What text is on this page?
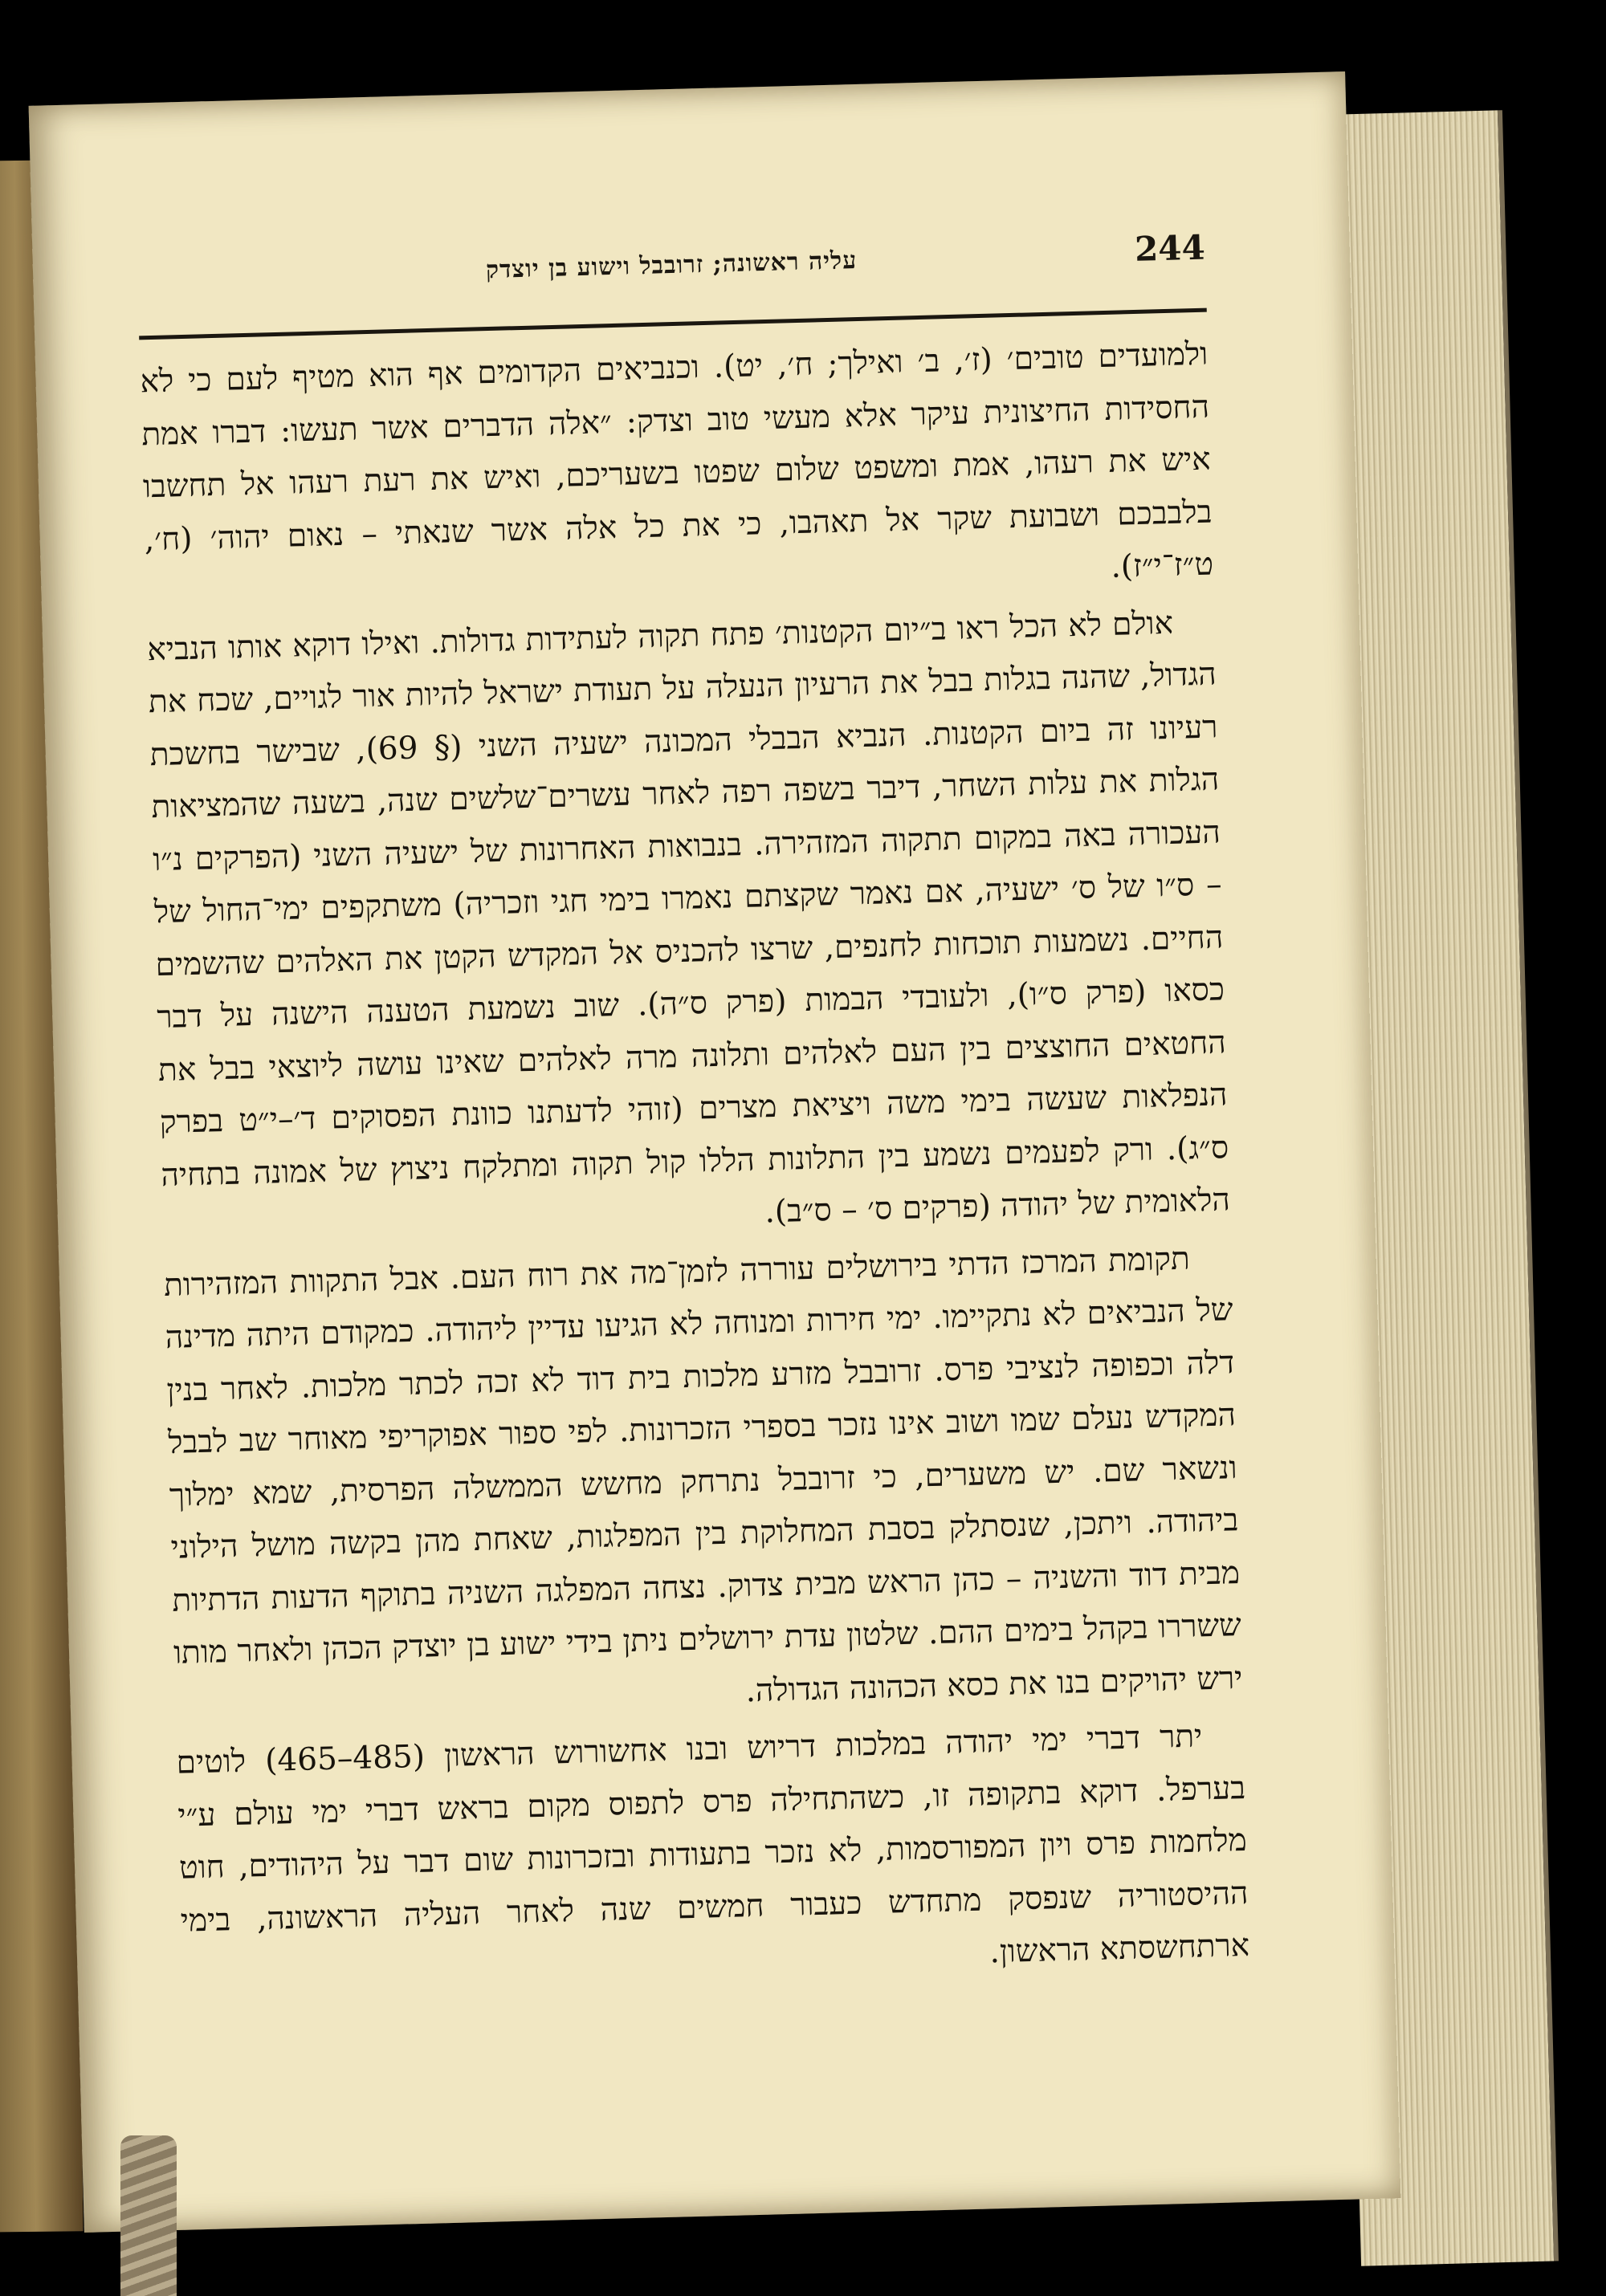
244
עליה ראשונה; זרובבל וישוע בן יוצדק

ולמועדים טובים׳ (ז׳, ב׳ ואילך; ח׳, יט). וכנביאים הקדומים אף הוא מטיף לעם כי לא החסידות החיצונית עיקר אלא מעשי טוב וצדק: ״אלה הדברים אשר תעשו: דברו אמת איש את רעהו, אמת ומשפט שלום שפטו בשעריכם, ואיש את רעת רעהו אל תחשבו בלבבכם ושבועת שקר אל תאהבו, כי את כל אלה אשר שנאתי – נאום יהוה׳ (ח׳, ט״ז־י״ז).

אולם לא הכל ראו ב״יום הקטנות׳ פתח תקוה לעתידות גדולות. ואילו דוקא אותו הנביא הגדול, שהנה בגלות בבל את הרעיון הנעלה על תעודת ישראל להיות אור לגויים, שכח את רעיונו זה ביום הקטנות. הנביא הבבלי המכונה ישעיה השני (§ 69), שבישר בחשכת הגלות את עלות השחר, דיבר בשפה רפה לאחר עשרים־שלשים שנה, בשעה שהמציאות העכורה באה במקום תתקוה המזהירה. בנבואות האחרונות של ישעיה השני (הפרקים נ״ו – ס״ו של ס׳ ישעיה, אם נאמר שקצתם נאמרו בימי חגי וזכריה) משתקפים ימי־החול של החיים. נשמעות תוכחות לחנפים, שרצו להכניס אל המקדש הקטן את האלהים שהשמים כסאו (פרק ס״ו), ולעובדי הבמות (פרק ס״ה). שוב נשמעת הטענה הישנה על דבר החטאים החוצצים בין העם לאלהים ותלונה מרה לאלהים שאינו עושה ליוצאי בבל את הנפלאות שעשה בימי משה ויציאת מצרים (זוהי לדעתנו כוונת הפסוקים ד׳–י״ט בפרק ס״ג). ורק לפעמים נשמע בין התלונות הללו קול תקוה ומתלקח ניצוץ של אמונה בתחיה הלאומית של יהודה (פרקים ס׳ – ס״ב).

תקומת המרכז הדתי בירושלים עוררה לזמן־מה את רוח העם. אבל התקוות המזהירות של הנביאים לא נתקיימו. ימי חירות ומנוחה לא הגיעו עדיין ליהודה. כמקודם היתה מדינה דלה וכפופה לנציבי פרס. זרובבל מזרע מלכות בית דוד לא זכה לכתר מלכות. לאחר בנין המקדש נעלם שמו ושוב אינו נזכר בספרי הזכרונות. לפי ספור אפוקריפי מאוחר שב לבבל ונשאר שם. יש משערים, כי זרובבל נתרחק מחשש הממשלה הפרסית, שמא ימלוך ביהודה. ויתכן, שנסתלק בסבת המחלוקת בין המפלגות, שאחת מהן בקשה מושל הילוני מבית דוד והשניה – כהן הראש מבית צדוק. נצחה המפלגה השניה בתוקף הדעות הדתיות ששררו בקהל בימים ההם. שלטון עדת ירושלים ניתן בידי ישוע בן יוצדק הכהן ולאחר מותו ירש יהויקים בנו את כסא הכהונה הגדולה.

יתר דברי ימי יהודה במלכות דריוש ובנו אחשורוש הראשון (485–465) לוטים בערפל. דוקא בתקופה זו, כשהתחילה פרס לתפוס מקום בראש דברי ימי עולם ע״י מלחמות פרס ויון המפורסמות, לא נזכר בתעודות ובזכרונות שום דבר על היהודים, חוט ההיסטוריה שנפסק מתחדש כעבור חמשים שנה לאחר העליה הראשונה, בימי ארתחשסתא הראשון.
